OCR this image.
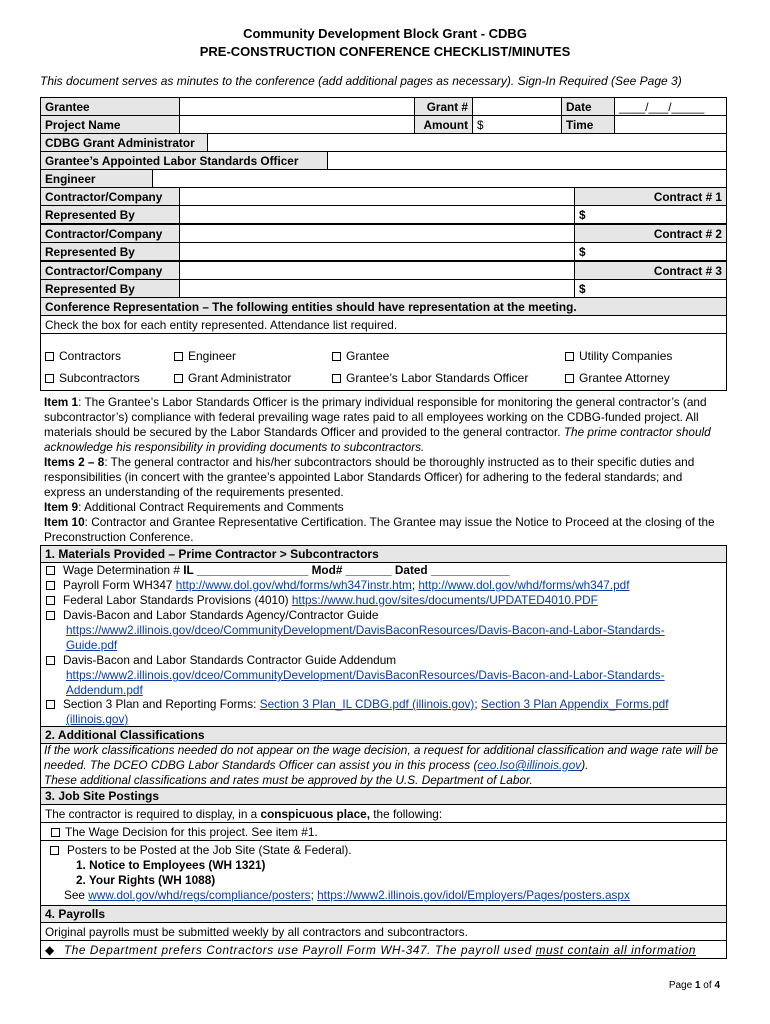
Community Development Block Grant - CDBG
PRE-CONSTRUCTION CONFERENCE CHECKLIST/MINUTES
This document serves as minutes to the conference (add additional pages as necessary). Sign-In Required (See Page 3)
Grantee	Grant #	Date	____/___/_____
Project Name	Amount $	Time
CDBG Grant Administrator
Grantee’s Appointed Labor Standards Officer
Engineer
Contractor/Company	Contract # 1
Represented By	$
Contractor/Company	Contract # 2
Represented By	$
Contractor/Company	Contract # 3
Represented By	$
Conference Representation – The following entities should have representation at the meeting.
Check the box for each entity represented. Attendance list required.
Contractors	Engineer	Grantee	Utility Companies
Subcontractors	Grant Administrator	Grantee’s Labor Standards Officer	Grantee Attorney
Item 1: The Grantee’s Labor Standards Officer is the primary individual responsible for monitoring the general contractor’s (and subcontractor’s) compliance with federal prevailing wage rates paid to all employees working on the CDBG-funded project. All materials should be secured by the Labor Standards Officer and provided to the general contractor. The prime contractor should acknowledge his responsibility in providing documents to subcontractors.
Items 2 – 8: The general contractor and his/her subcontractors should be thoroughly instructed as to their specific duties and responsibilities (in concert with the grantee’s appointed Labor Standards Officer) for adhering to the federal standards; and express an understanding of the requirements presented.
Item 9: Additional Contract Requirements and Comments
Item 10: Contractor and Grantee Representative Certification. The Grantee may issue the Notice to Proceed at the closing of the Preconstruction Conference.
1. Materials Provided – Prime Contractor > Subcontractors
Wage Determination # IL _________________ Mod# _______ Dated ____________
Payroll Form WH347 http://www.dol.gov/whd/forms/wh347instr.htm; http://www.dol.gov/whd/forms/wh347.pdf
Federal Labor Standards Provisions (4010) https://www.hud.gov/sites/documents/UPDATED4010.PDF
Davis-Bacon and Labor Standards Agency/Contractor Guide
https://www2.illinois.gov/dceo/CommunityDevelopment/DavisBaconResources/Davis-Bacon-and-Labor-Standards-
Guide.pdf
Davis-Bacon and Labor Standards Contractor Guide Addendum
https://www2.illinois.gov/dceo/CommunityDevelopment/DavisBaconResources/Davis-Bacon-and-Labor-Standards-
Addendum.pdf
Section 3 Plan and Reporting Forms: Section 3 Plan_IL CDBG.pdf (illinois.gov); Section 3 Plan Appendix_Forms.pdf
(illinois.gov)
2. Additional Classifications
If the work classifications needed do not appear on the wage decision, a request for additional classification and wage rate will be needed. The DCEO CDBG Labor Standards Officer can assist you in this process (ceo.lso@illinois.gov).
These additional classifications and rates must be approved by the U.S. Department of Labor.
3. Job Site Postings
The contractor is required to display, in a conspicuous place, the following:
The Wage Decision for this project. See item #1.
Posters to be Posted at the Job Site (State & Federal).
1. Notice to Employees (WH 1321)
2. Your Rights (WH 1088)
See www.dol.gov/whd/regs/compliance/posters; https://www2.illinois.gov/idol/Employers/Pages/posters.aspx
4. Payrolls
Original payrolls must be submitted weekly by all contractors and subcontractors.
◆ The Department prefers Contractors use Payroll Form WH-347. The payroll used must contain all information
Page 1 of 4
